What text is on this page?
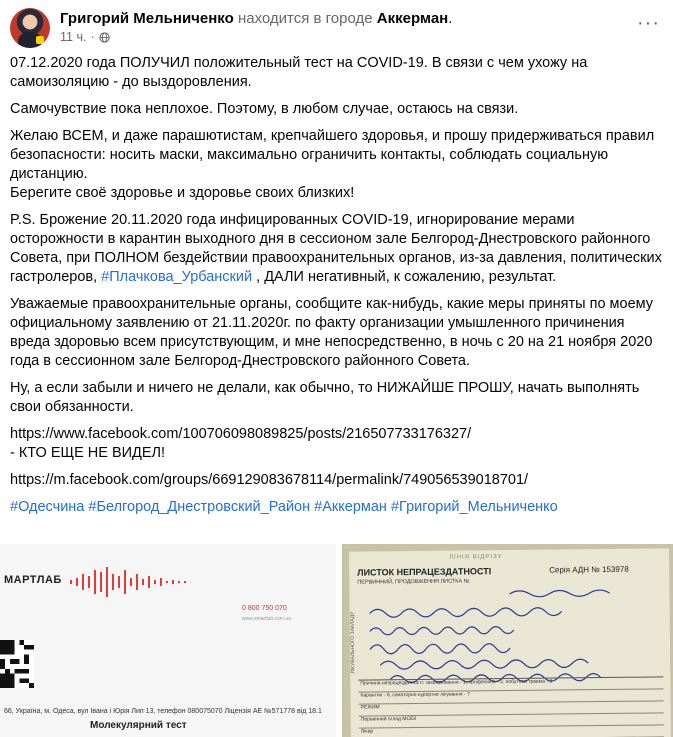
Григорий Мельниченко находится в городе Аккерман.
11 ч. ·
···

07.12.2020 года ПОЛУЧИЛ положительный тест на COVID-19. В связи с чем ухожу на самоизоляцию - до выздоровления.

Самочувствие пока неплохое. Поэтому, в любом случае, остаюсь на связи.

Желаю ВСЕМ, и даже парашютистам, крепчайшего здоровья, и прошу придерживаться правил безопасности: носить маски, максимально ограничить контакты, соблюдать социальную дистанцию.

Берегите своё здоровье и здоровье своих близких!

P.S. Брожение 20.11.2020 года инфицированных COVID-19, игнорирование мерами осторожности в карантин выходного дня в сессионом зале Белгород-Днестровского районного Совета, при ПОЛНОМ бездействии правоохранительных органов, из-за давления, политических гастролеров, #Плачкова_Урбанский , ДАЛИ негативный, к сожалению, результат.

Уважаемые правоохранительные органы, сообщите как-нибудь, какие меры приняты по моему официальному заявлению от 21.11.2020г. по факту организации умышленного причинения вреда здоровью всем присутствующим, и мне непосредственно, в ночь с 20 на 21 ноября 2020 года в сессионном зале Белгород-Днестровского районного Совета.

Ну, а если забыли и ничего не делали, как обычно, то НИЖАЙШЕ ПРОШУ, начать выполнять свои обязанности.

https://www.facebook.com/100706098089825/posts/216507733176327/
- КТО ЕЩЕ НЕ ВИДЕЛ!

https://m.facebook.com/groups/669129083678114/permalink/749056539018701/

#Одесчина #Белгород_Днестровский_Район #Аккерман #Григорий_Мельниченко

МАРТЛАБ
0 800 750 070
www.smartlab.com.ua
66, Україна, м. Одеса, вул Івана і Юрія Лип 13, телефон 080075070 Ліцензія АЕ №571778 від 18.1
Молекулярний тест
ЛІНІЯ ВІДРІЗУ
ЛИСТОК НЕПРАЦЕЗДАТНОСТІ	Серія АДН № 153978
ПЕРВИННИЙ, ПРОДОВЖЕННЯ ЛИСТКА №
ЛІКУВАЛЬНОГО ЗАКЛАДУ
Причина непрацездатності: захворювання - 1, професійне - 2, побутова травма - 3
Карантин - 6, санаторно-курортне лікування - 7
РЕЖИМ
Первинний огляд МСЕК
Лікар
